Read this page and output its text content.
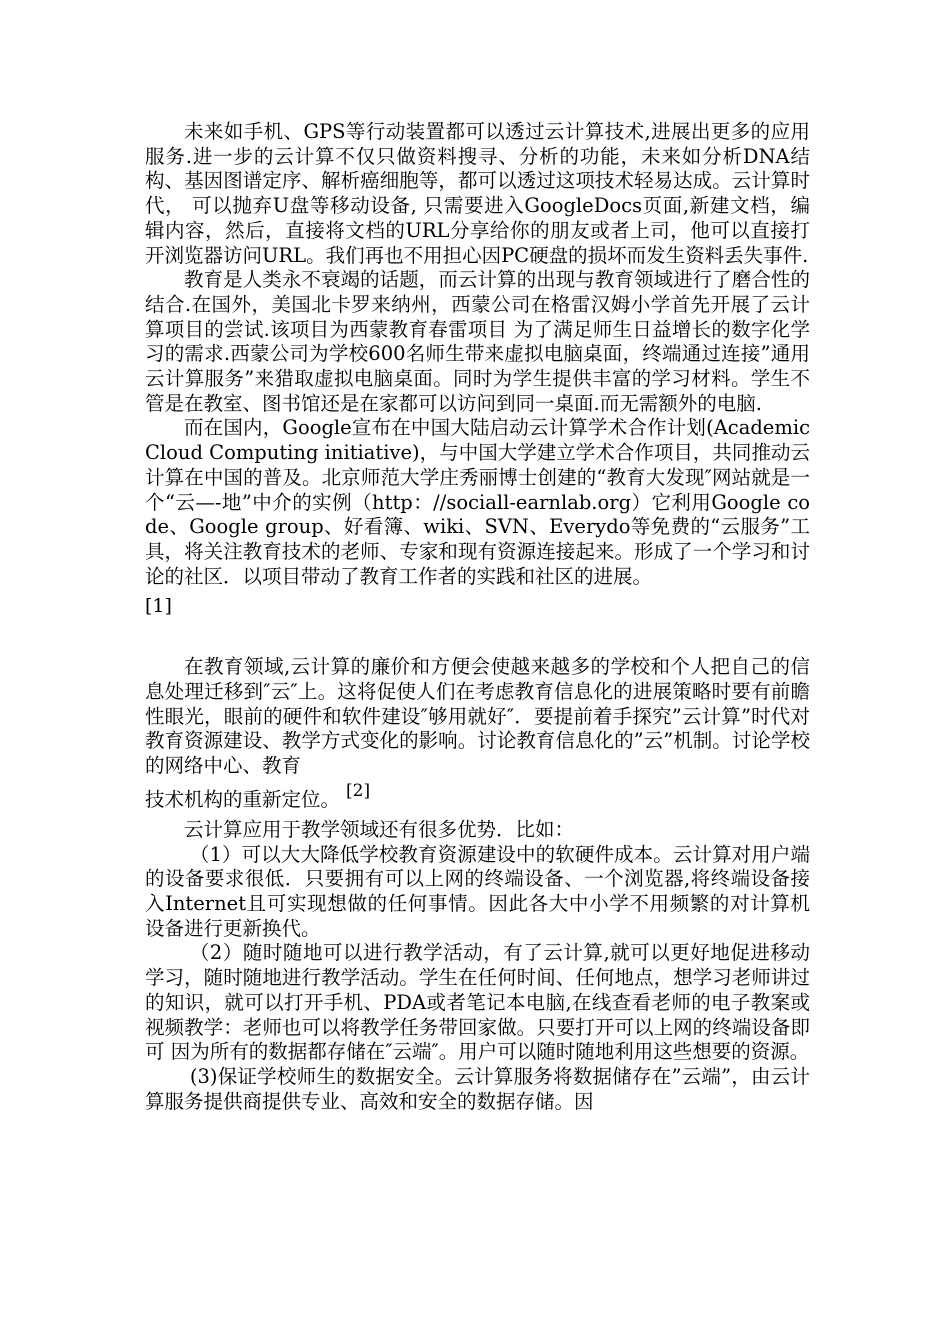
未来如手机、GPS等行动装置都可以透过云计算技术,进展出更多的应用服务.进一步的云计算不仅只做资料搜寻、分析的功能，未来如分析DNA结构、基因图谱定序、解析癌细胞等，都可以透过这项技术轻易达成。云计算时代， 可以抛弃U盘等移动设备, 只需要进入GoogleDocs页面,新建文档，编辑内容，然后，直接将文档的URL分享给你的朋友或者上司，他可以直接打开浏览器访问URL。我们再也不用担心因PC硬盘的损坏而发生资料丢失事件.

教育是人类永不衰竭的话题，而云计算的出现与教育领域进行了磨合性的结合.在国外，美国北卡罗来纳州，西蒙公司在格雷汉姆小学首先开展了云计算项目的尝试.该项目为西蒙教育春雷项目 为了满足师生日益增长的数字化学习的需求.西蒙公司为学校600名师生带来虚拟电脑桌面，终端通过连接”通用云计算服务”来猎取虚拟电脑桌面。同时为学生提供丰富的学习材料。学生不管是在教室、图书馆还是在家都可以访问到同一桌面.而无需额外的电脑.

而在国内，Google宣布在中国大陆启动云计算学术合作计划(Academic Cloud Computing initiative)，与中国大学建立学术合作项目，共同推动云计算在中国的普及。北京师范大学庄秀丽博士创建的“教育大发现″网站就是一个“云—-地”中介的实例（http：//sociall-earnlab.org）它利用Google code、Google group、好看簿、wiki、SVN、Everydo等免费的“云服务”工具，将关注教育技术的老师、专家和现有资源连接起来。形成了一个学习和讨论的社区．以项目带动了教育工作者的实践和社区的进展。

[1]

在教育领域,云计算的廉价和方便会使越来越多的学校和个人把自己的信息处理迁移到″云″上。这将促使人们在考虑教育信息化的进展策略时要有前瞻性眼光，眼前的硬件和软件建设″够用就好″．要提前着手探究”云计算”时代对教育资源建设、教学方式变化的影响。讨论教育信息化的”云”机制。讨论学校的网络中心、教育

技术机构的重新定位。 [2]

云计算应用于教学领域还有很多优势．比如：

（1）可以大大降低学校教育资源建设中的软硬件成本。云计算对用户端的设备要求很低．只要拥有可以上网的终端设备、一个浏览器,将终端设备接入Internet且可实现想做的任何事情。因此各大中小学不用频繁的对计算机设备进行更新换代。

（2）随时随地可以进行教学活动，有了云计算,就可以更好地促进移动学习，随时随地进行教学活动。学生在任何时间、任何地点，想学习老师讲过的知识，就可以打开手机、PDA或者笔记本电脑,在线查看老师的电子教案或视频教学：老师也可以将教学任务带回家做。只要打开可以上网的终端设备即可 因为所有的数据都存储在″云端″。用户可以随时随地利用这些想要的资源。

(3)保证学校师生的数据安全。云计算服务将数据储存在”云端”，由云计算服务提供商提供专业、高效和安全的数据存储。因
